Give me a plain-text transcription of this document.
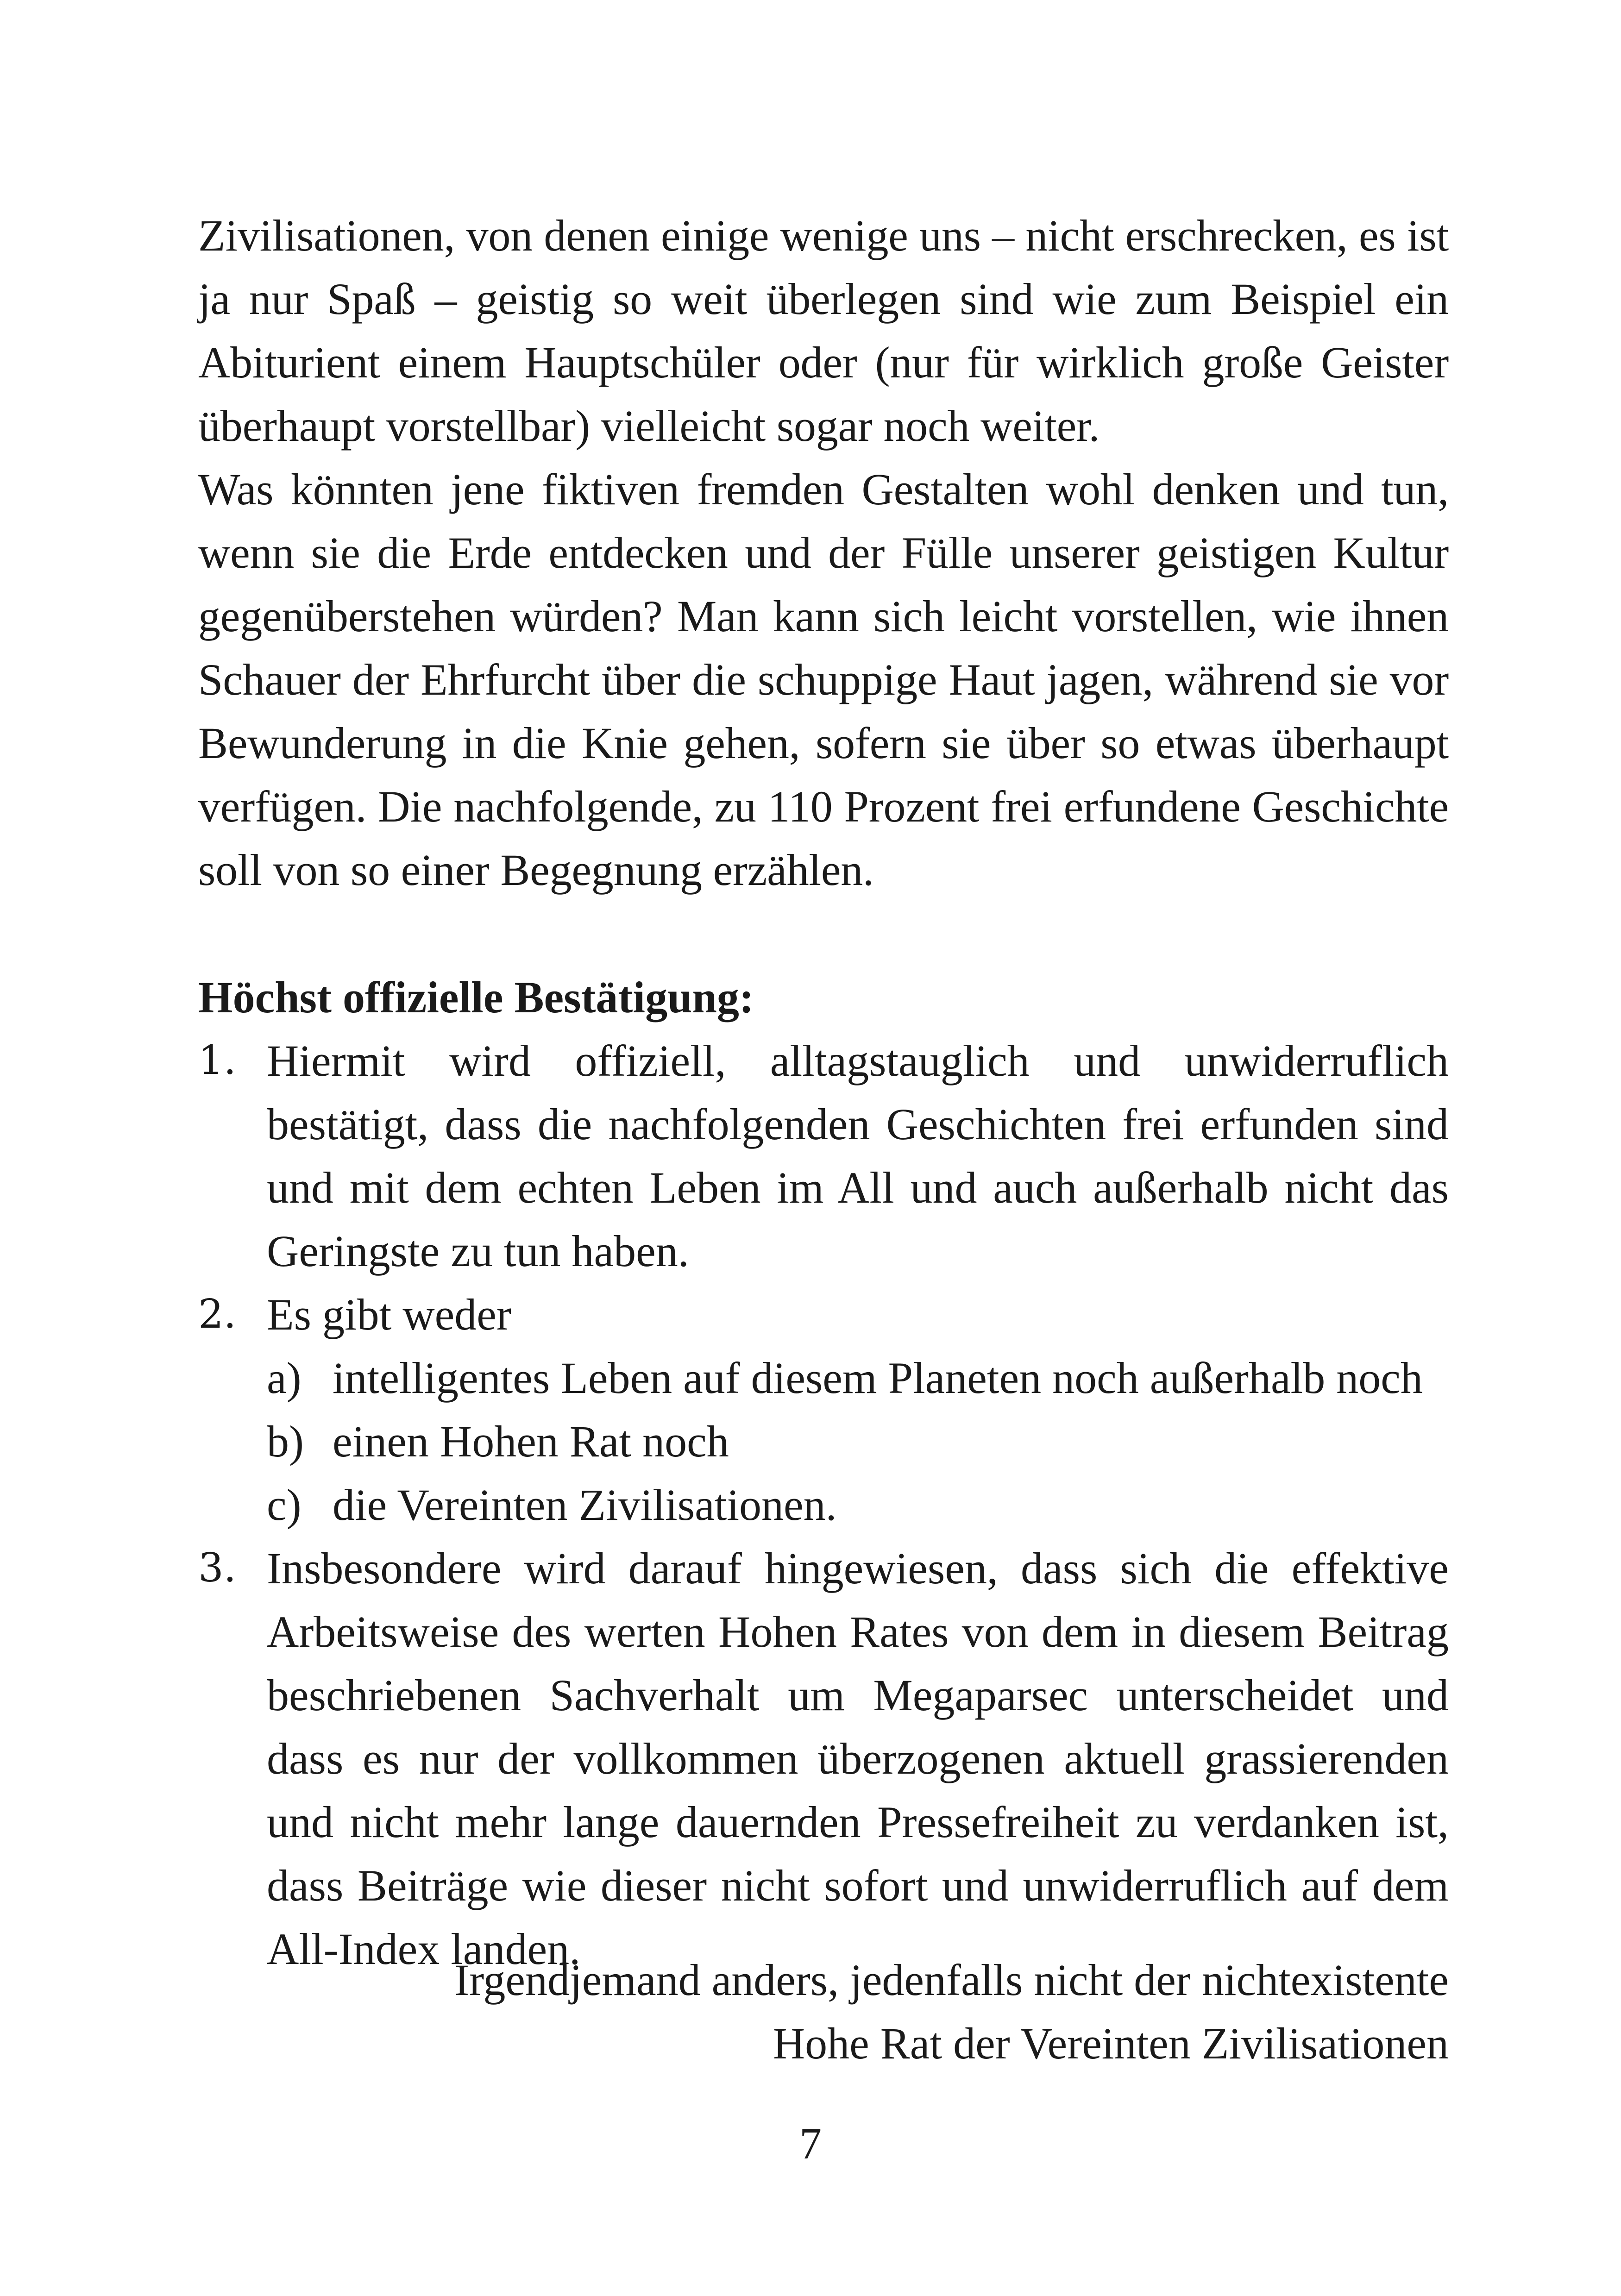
Zivilisationen, von denen einige wenige uns – nicht erschrecken, es ist ja nur Spaß – geistig so weit überlegen sind wie zum Beispiel ein Abiturient einem Hauptschüler oder (nur für wirklich große Geister überhaupt vorstellbar) vielleicht sogar noch weiter.

Was könnten jene fiktiven fremden Gestalten wohl denken und tun, wenn sie die Erde entdecken und der Fülle unserer geistigen Kultur gegenüberstehen würden? Man kann sich leicht vorstellen, wie ihnen Schauer der Ehrfurcht über die schuppige Haut jagen, während sie vor Bewunderung in die Knie gehen, sofern sie über so etwas überhaupt verfügen. Die nachfolgende, zu 110 Prozent frei erfundene Geschichte soll von so einer Begegnung erzählen.

Höchst offizielle Bestätigung:
1. Hiermit wird offiziell, alltagstauglich und unwiderruflich bestätigt, dass die nachfolgenden Geschichten frei erfunden sind und mit dem echten Leben im All und auch außerhalb nicht das Geringste zu tun haben.
2. Es gibt weder
a) intelligentes Leben auf diesem Planeten noch außerhalb noch
b) einen Hohen Rat noch
c) die Vereinten Zivilisationen.
3. Insbesondere wird darauf hingewiesen, dass sich die effektive Arbeitsweise des werten Hohen Rates von dem in diesem Beitrag beschriebenen Sachverhalt um Megaparsec unterscheidet und dass es nur der vollkommen überzogenen aktuell grassierenden und nicht mehr lange dauernden Pressefreiheit zu verdanken ist, dass Beiträge wie dieser nicht sofort und unwiderruflich auf dem All-Index landen.
Irgendjemand anders, jedenfalls nicht der nichtexistente
Hohe Rat der Vereinten Zivilisationen
7
